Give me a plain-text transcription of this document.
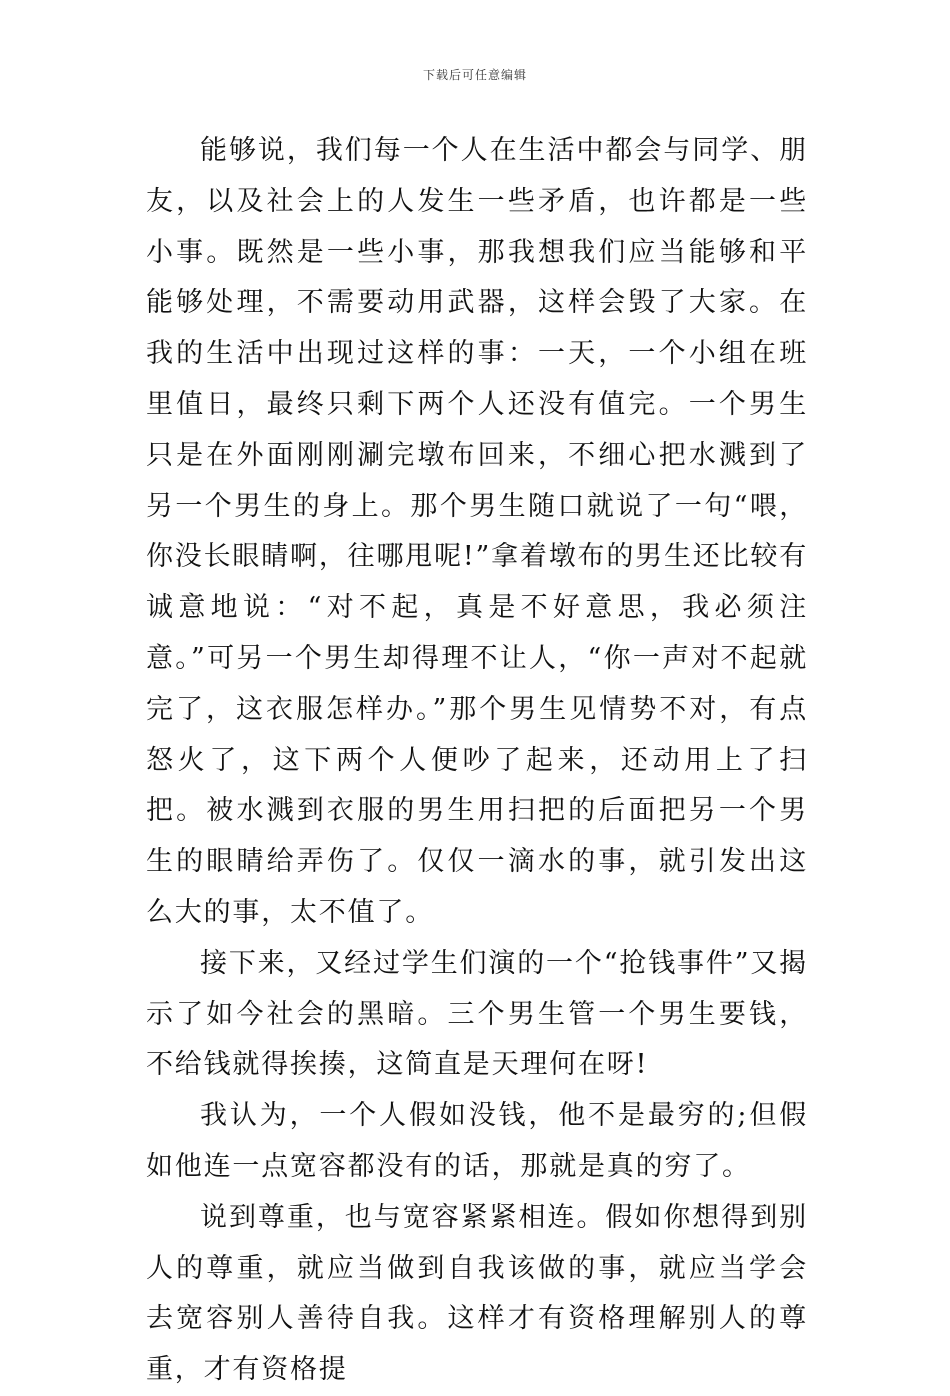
下载后可任意编辑

能够说，我们每一个人在生活中都会与同学、朋友，以及社会上的人发生一些矛盾，也许都是一些小事。既然是一些小事，那我想我们应当能够和平能够处理，不需要动用武器，这样会毁了大家。在我的生活中出现过这样的事：一天，一个小组在班里值日，最终只剩下两个人还没有值完。一个男生只是在外面刚刚涮完墩布回来，不细心把水溅到了另一个男生的身上。那个男生随口就说了一句“喂，你没长眼睛啊，往哪甩呢!”拿着墩布的男生还比较有诚意地说：“对不起，真是不好意思，我必须注意。”可另一个男生却得理不让人，“你一声对不起就完了，这衣服怎样办。”那个男生见情势不对，有点怒火了，这下两个人便吵了起来，还动用上了扫把。被水溅到衣服的男生用扫把的后面把另一个男生的眼睛给弄伤了。仅仅一滴水的事，就引发出这么大的事，太不值了。

接下来，又经过学生们演的一个“抢钱事件”又揭示了如今社会的黑暗。三个男生管一个男生要钱，不给钱就得挨揍，这简直是天理何在呀!

我认为，一个人假如没钱，他不是最穷的;但假如他连一点宽容都没有的话，那就是真的穷了。

说到尊重，也与宽容紧紧相连。假如你想得到别人的尊重，就应当做到自我该做的事，就应当学会去宽容别人善待自我。这样才有资格理解别人的尊重，才有资格提
